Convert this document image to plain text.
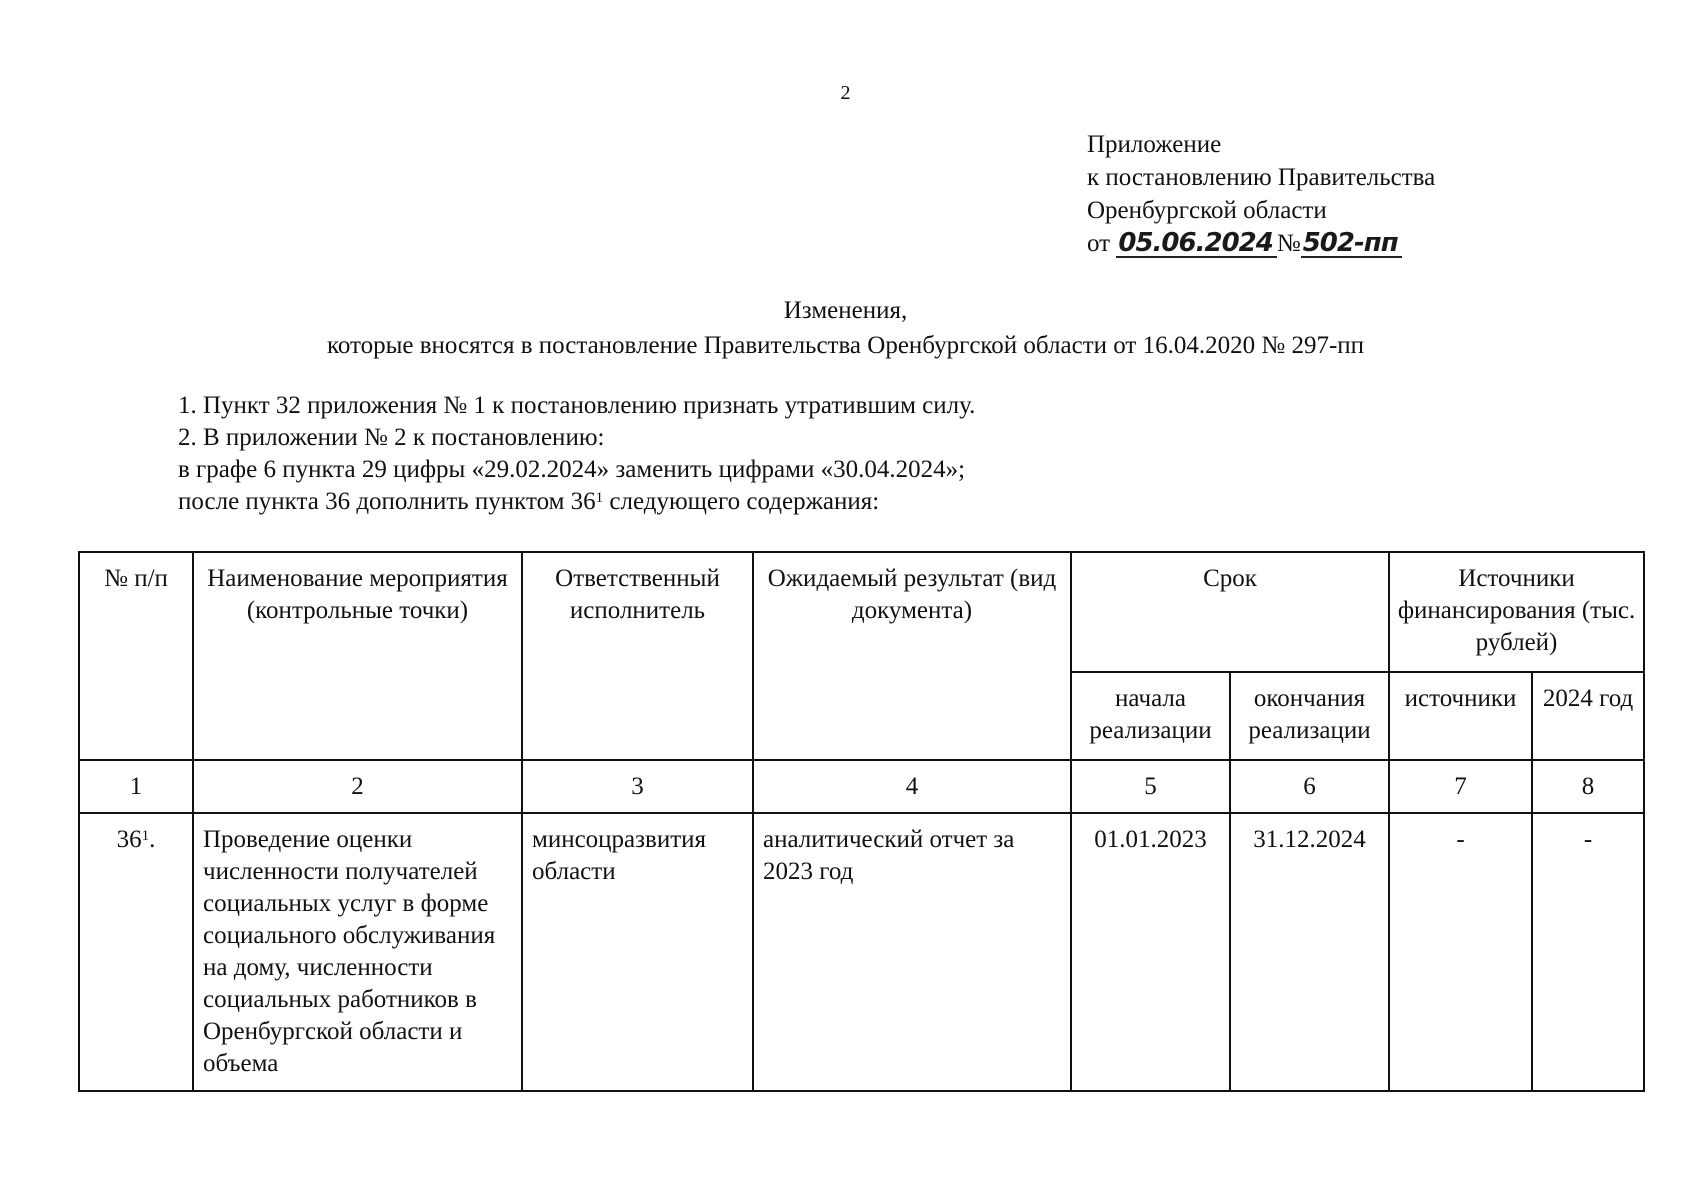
2
Приложение
к постановлению Правительства
Оренбургской области
от 05.06.2024 №502-пп
Изменения,
которые вносятся в постановление Правительства Оренбургской области от 16.04.2020 № 297-пп
1. Пункт 32 приложения № 1 к постановлению признать утратившим силу.
2. В приложении № 2 к постановлению:
в графе 6 пункта 29 цифры «29.02.2024» заменить цифрами «30.04.2024»;
после пункта 36 дополнить пунктом $36^1$ следующего содержания:
№ п/п	Наименование мероприятия (контрольные точки)	Ответственный исполнитель	Ожидаемый результат (вид документа)	Срок		Источники финансирования (тыс. рублей)	
				начала реализации	окончания реализации	источники	2024 год
1	2	3	4	5	6	7	8
$36^1$.	Проведение оценки численности получателей социальных услуг в форме социального обслуживания на дому, численности социальных работников в Оренбургской области и объема	минсоцразвития области	аналитический отчет за 2023 год	01.01.2023	31.12.2024	-	-
